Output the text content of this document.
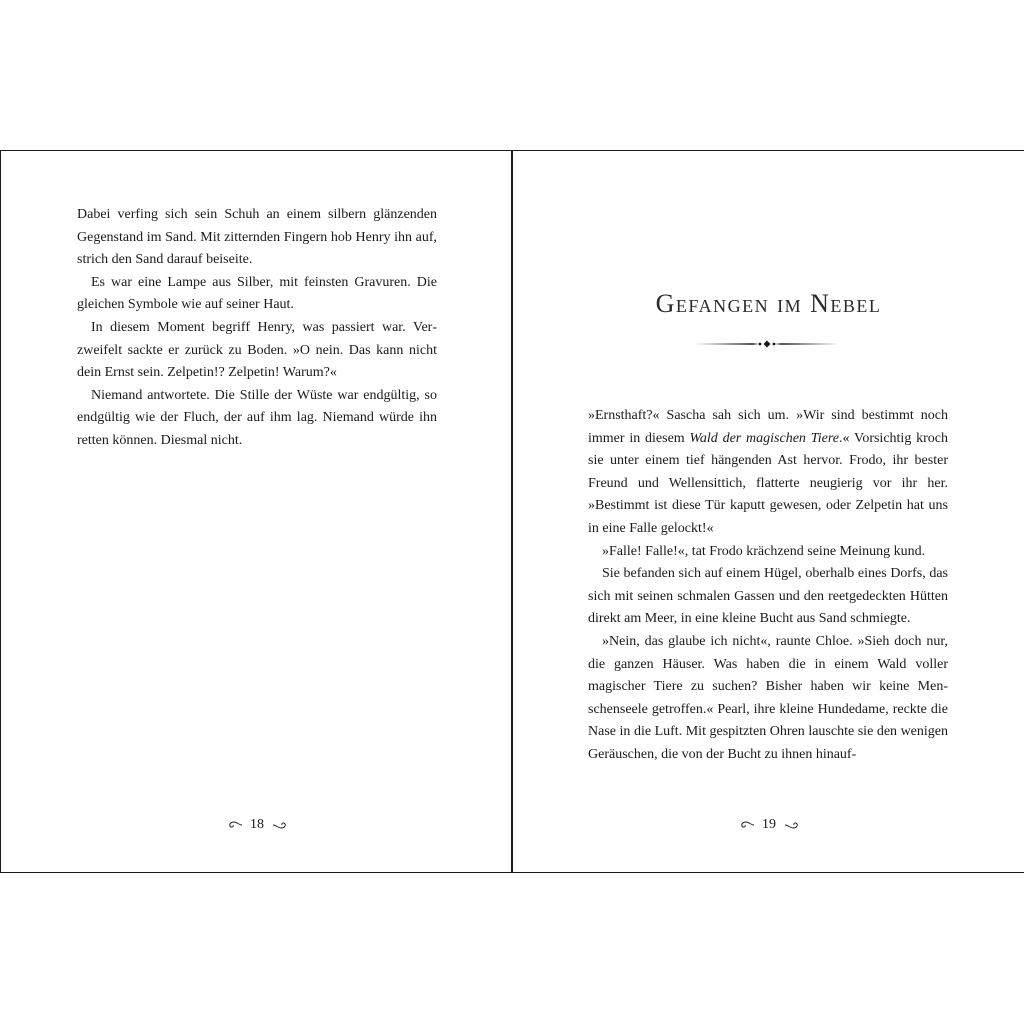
Dabei verfing sich sein Schuh an einem silbern glänzenden Gegenstand im Sand. Mit zitternden Fingern hob Henry ihn auf, strich den Sand darauf beiseite.

Es war eine Lampe aus Silber, mit feinsten Gravuren. Die gleichen Symbole wie auf seiner Haut.

In diesem Moment begriff Henry, was passiert war. Verzweifelt sackte er zurück zu Boden. »O nein. Das kann nicht dein Ernst sein. Zelpetin!? Zelpetin! Warum?«

Niemand antwortete. Die Stille der Wüste war endgültig, so endgültig wie der Fluch, der auf ihm lag. Niemand würde ihn retten können. Diesmal nicht.

18
Gefangen im Nebel

»Ernsthaft?« Sascha sah sich um. »Wir sind bestimmt noch immer in diesem Wald der magischen Tiere.« Vorsichtig kroch sie unter einem tief hängenden Ast hervor. Frodo, ihr bester Freund und Wellensittich, flatterte neugierig vor ihr her. »Bestimmt ist diese Tür kaputt gewesen, oder Zelpetin hat uns in eine Falle gelockt!«

»Falle! Falle!«, tat Frodo krächzend seine Meinung kund.

Sie befanden sich auf einem Hügel, oberhalb eines Dorfs, das sich mit seinen schmalen Gassen und den reetgedeckten Hütten direkt am Meer, in eine kleine Bucht aus Sand schmiegte.

»Nein, das glaube ich nicht«, raunte Chloe. »Sieh doch nur, die ganzen Häuser. Was haben die in einem Wald voller magischer Tiere zu suchen? Bisher haben wir keine Menschenseele getroffen.« Pearl, ihre kleine Hundedame, reckte die Nase in die Luft. Mit gespitzten Ohren lauschte sie den wenigen Geräuschen, die von der Bucht zu ihnen hinauf-

19
